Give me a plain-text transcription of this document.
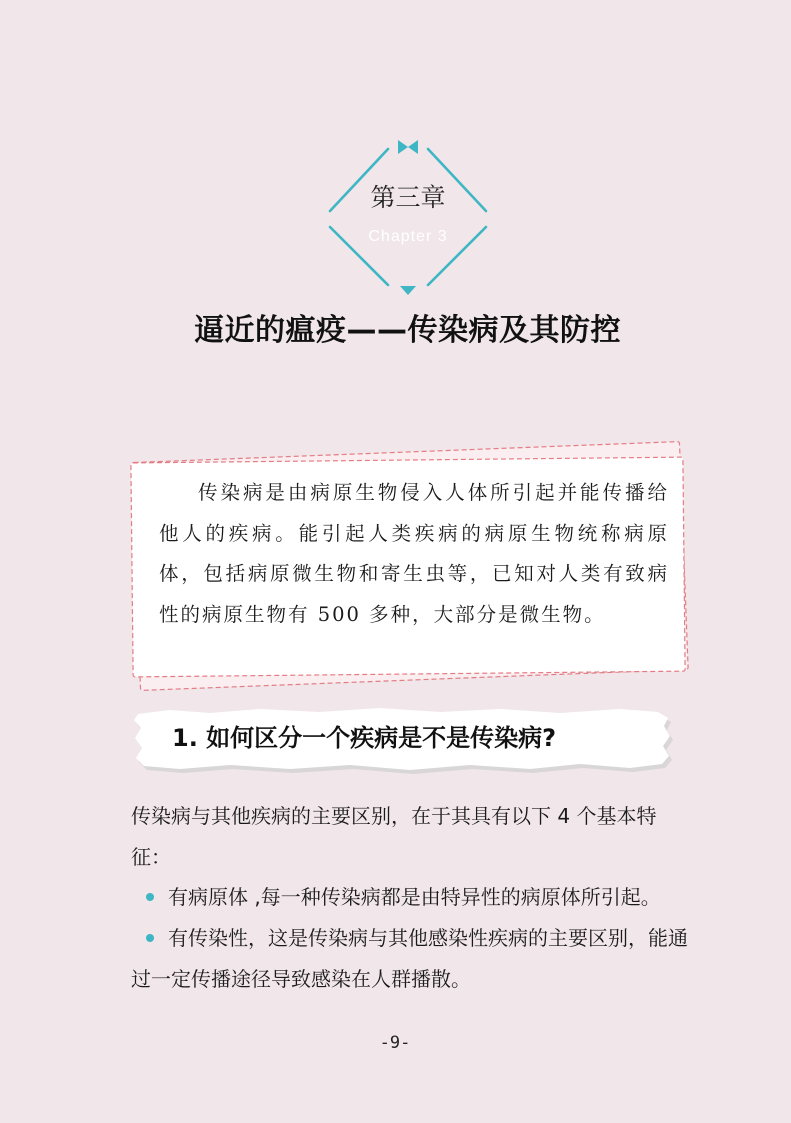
第三章
Chapter 3
逼近的瘟疫——传染病及其防控

传染病是由病原生物侵入人体所引起并能传播给他人的疾病。能引起人类疾病的病原生物统称病原体，包括病原微生物和寄生虫等，已知对人类有致病性的病原生物有 500 多种，大部分是微生物。

1. 如何区分一个疾病是不是传染病?

传染病与其他疾病的主要区别，在于其具有以下 4 个基本特征：

有病原体 ,每一种传染病都是由特异性的病原体所引起。

有传染性，这是传染病与其他感染性疾病的主要区别，能通过一定传播途径导致感染在人群播散。

-9-
